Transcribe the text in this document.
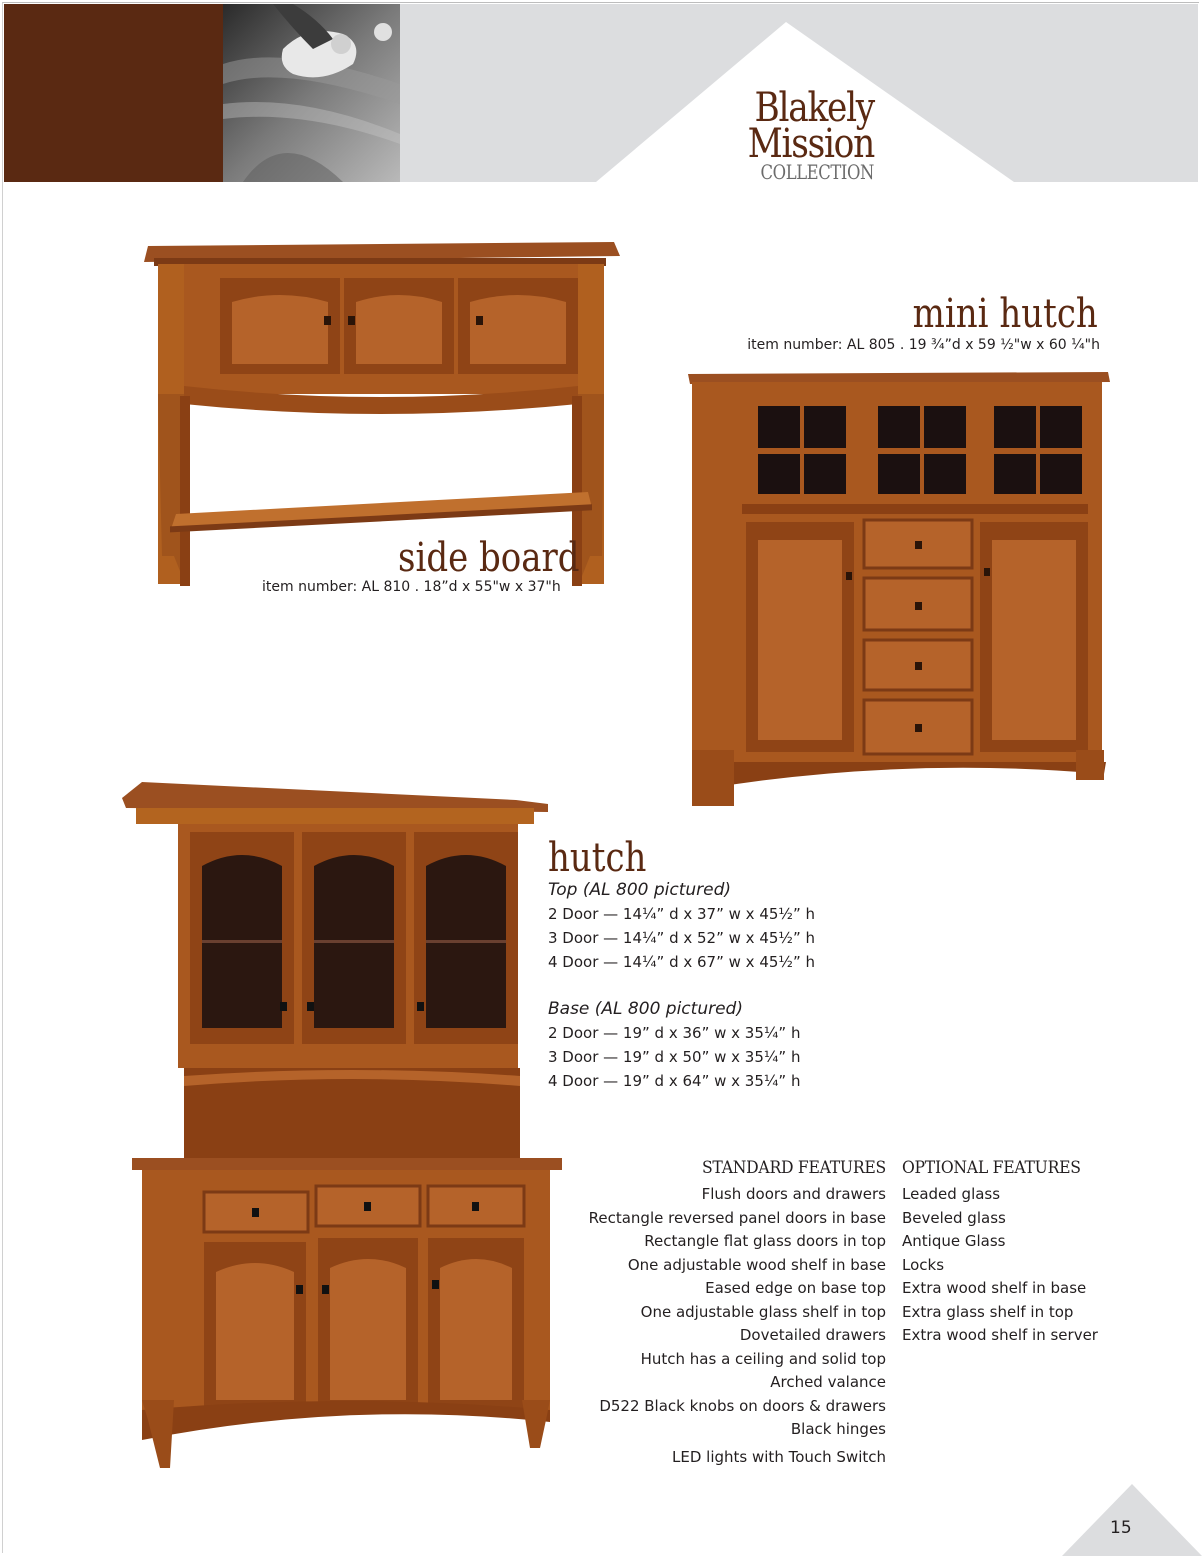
Blakely
Mission
COLLECTION
side board
item number: AL 810 . 18”d x 55"w x 37"h
mini hutch
item number: AL 805 . 19 ¾”d x 59 ½"w x 60 ¼"h
hutch
Top (AL 800 pictured)
2 Door — 14¼” d x 37” w x 45½” h
3 Door — 14¼” d x 52” w x 45½” h
4 Door — 14¼” d x 67” w x 45½” h
Base (AL 800 pictured)
2 Door — 19” d x 36” w x 35¼” h
3 Door — 19” d x 50” w x 35¼” h
4 Door — 19” d x 64” w x 35¼” h
STANDARD FEATURES OPTIONAL FEATURES
Flush doors and drawers
Rectangle reversed panel doors in base
Rectangle flat glass doors in top
One adjustable wood shelf in base
Eased edge on base top
One adjustable glass shelf in top
Dovetailed drawers
Hutch has a ceiling and solid top
Arched valance
D522 Black knobs on doors & drawers
Black hinges
LED lights with Touch Switch
Leaded glass
Beveled glass
Antique Glass
Locks
Extra wood shelf in base
Extra glass shelf in top
Extra wood shelf in server
15
